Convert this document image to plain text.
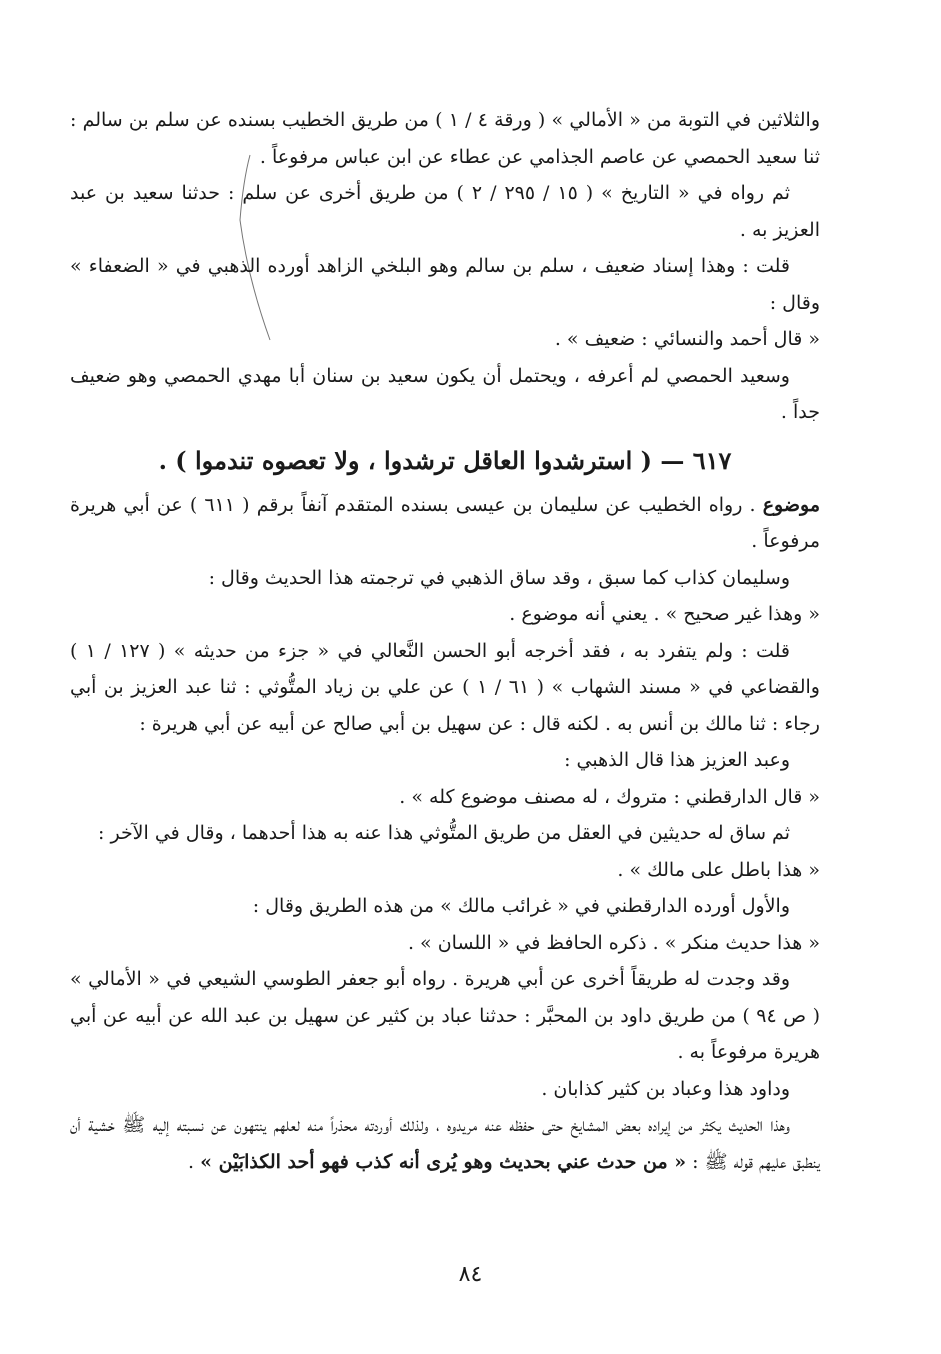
والثلاثين في التوبة من « الأمالي » ( ورقة ٤ / ١ ) من طريق الخطيب بسنده عن سلم بن سالم : ثنا سعيد الحمصي عن عاصم الجذامي عن عطاء عن ابن عباس مرفوعاً .

ثم رواه في « التاريخ » ( ١٥ / ٢٩٥ / ٢ ) من طريق أخرى عن سلم : حدثنا سعيد بن عبد العزيز به .

قلت : وهذا إسناد ضعيف ، سلم بن سالم وهو البلخي الزاهد أورده الذهبي في « الضعفاء » وقال :

« قال أحمد والنسائي : ضعيف » .

وسعيد الحمصي لم أعرفه ، ويحتمل أن يكون سعيد بن سنان أبا مهدي الحمصي وهو ضعيف جداً .

٦١٧ — ( استرشدوا العاقل ترشدوا ، ولا تعصوه تندموا ) .

موضوع . رواه الخطيب عن سليمان بن عيسى بسنده المتقدم آنفاً برقم ( ٦١١ ) عن أبي هريرة مرفوعاً .

وسليمان كذاب كما سبق ، وقد ساق الذهبي في ترجمته هذا الحديث وقال :

« وهذا غير صحيح » . يعني أنه موضوع .

قلت : ولم يتفرد به ، فقد أخرجه أبو الحسن النَّعالي في « جزء من حديثه » ( ١٢٧ / ١ ) والقضاعي في « مسند الشهاب » ( ٦١ / ١ ) عن علي بن زياد المتُّوثي : ثنا عبد العزيز بن أبي رجاء : ثنا مالك بن أنس به . لكنه قال : عن سهيل بن أبي صالح عن أبيه عن أبي هريرة :

وعبد العزيز هذا قال الذهبي :

« قال الدارقطني : متروك ، له مصنف موضوع كله » .

ثم ساق له حديثين في العقل من طريق المتُّوثي هذا عنه به هذا أحدهما ، وقال في الآخر :

« هذا باطل على مالك » .

والأول أورده الدارقطني في « غرائب مالك » من هذه الطريق وقال :

« هذا حديث منكر » . ذكره الحافظ في « اللسان » .

وقد وجدت له طريقاً أخرى عن أبي هريرة . رواه أبو جعفر الطوسي الشيعي في « الأمالي » ( ص ٩٤ ) من طريق داود بن المحبَّر : حدثنا عباد بن كثير عن سهيل بن عبد الله عن أبيه عن أبي هريرة مرفوعاً به .

وداود هذا وعباد بن كثير كذابان .

وهذا الحديث يكثر من إيراده بعض المشايخ حتى حفظه عنه مريدوه ، ولذلك أوردته محذراً منه لعلهم ينتهون عن نسبته إليه ﷺ خشية أن ينطبق عليهم قوله ﷺ : « من حدث عني بحديث وهو يُرى أنه كذب فهو أحد الكذابَيْن » .

٨٤
